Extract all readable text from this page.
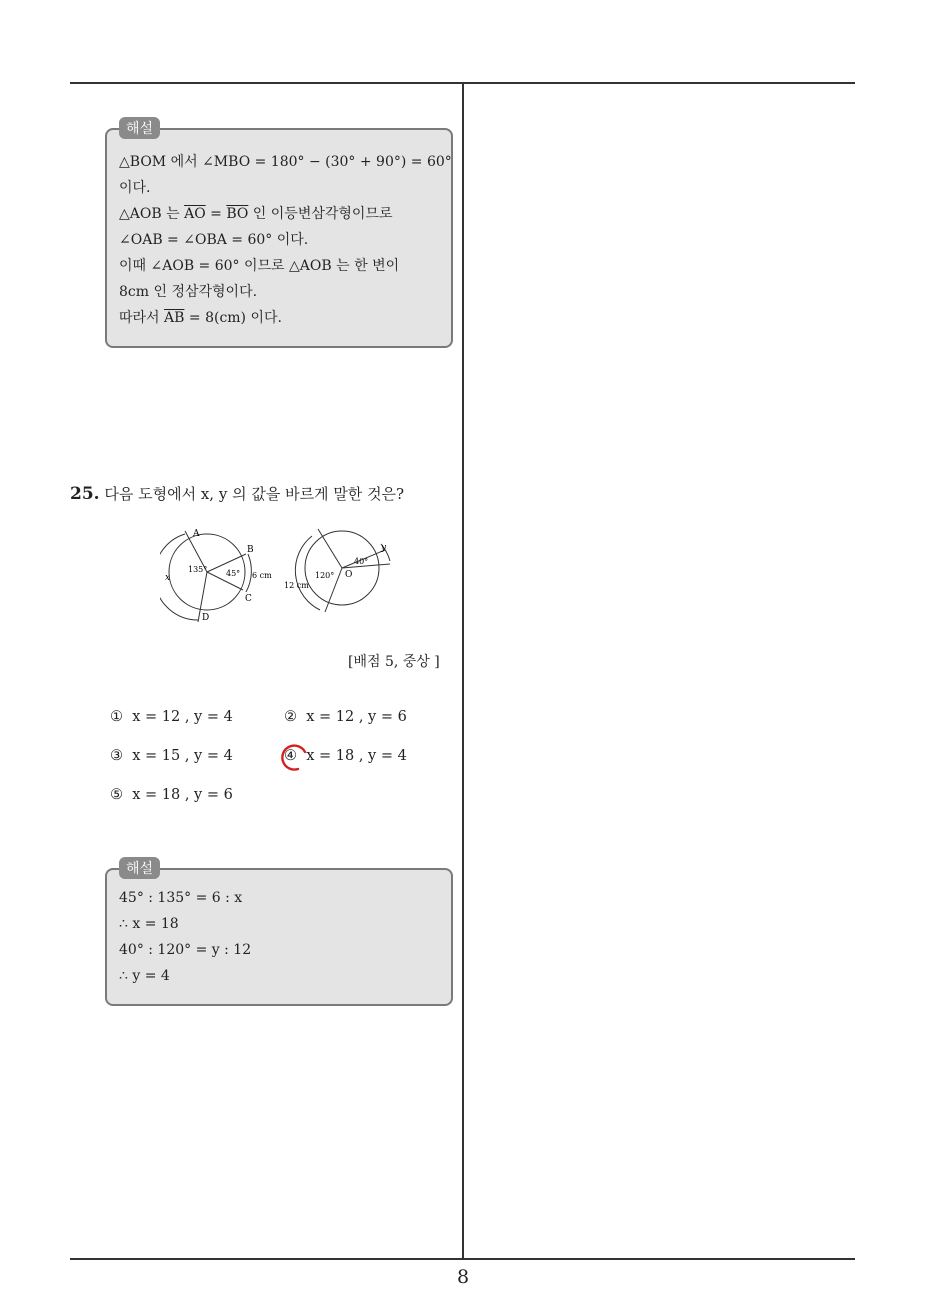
△BOM 에서 ∠MBO = 180° − (30° + 90°) = 60°
이다.
△AOB 는 $\overline{AO} = \overline{BO}$ 인 이등변삼각형이므로
∠OAB = ∠OBA = 60° 이다.
이때 ∠AOB = 60° 이므로 △AOB 는 한 변이
8cm 인 정삼각형이다.
따라서 $\overline{AB} = 8(cm)$ 이다.
해설
25. 다음 도형에서 x, y 의 값을 바르게 말한 것은?
A
B
C
D
135° 45° 6 cm
x	120° O
40°
y
12 cm
[배점 5, 중상 ]
① x = 12 , y = 4	② x = 12 , y = 6
③ x = 15 , y = 4	④ x = 18 , y = 4
⑤ x = 18 , y = 6
45° : 135° = 6 : x
∴ x = 18
40° : 120° = y : 12
∴ y = 4
해설
8
